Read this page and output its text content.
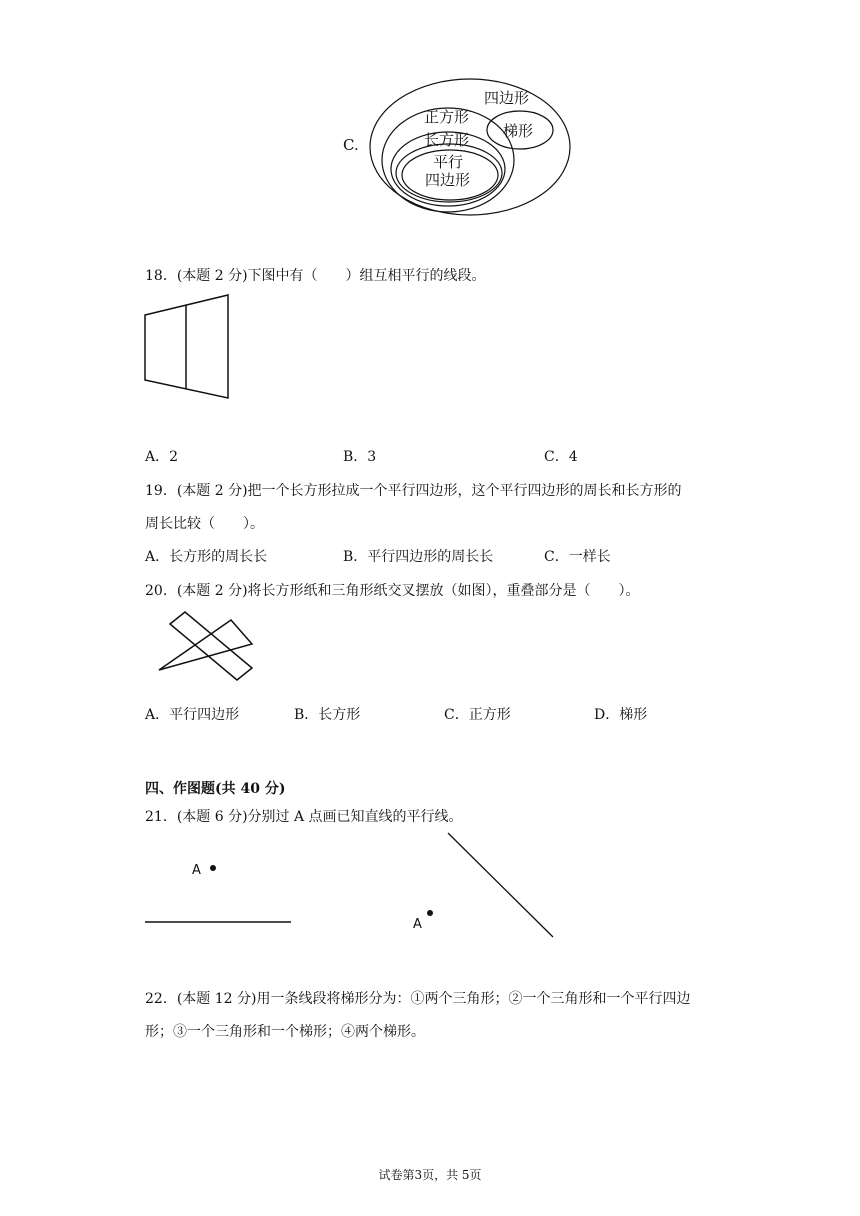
C.
四边形
梯形
正方形
长方形
平行
四边形
18．(本题 2 分)下图中有（　　）组互相平行的线段。
A．2	B．3	C．4
19．(本题 2 分)把一个长方形拉成一个平行四边形，这个平行四边形的周长和长方形的
周长比较（　　）。
A．长方形的周长长	B．平行四边形的周长长	C．一样长
20．(本题 2 分)将长方形纸和三角形纸交叉摆放（如图），重叠部分是（　　）。
A．平行四边形	B．长方形	C．正方形	D．梯形
四、作图题(共 40 分)
21．(本题 6 分)分别过 A 点画已知直线的平行线。
A
A
22．(本题 12 分)用一条线段将梯形分为：①两个三角形；②一个三角形和一个平行四边
形；③一个三角形和一个梯形；④两个梯形。
试卷第3页，共 5页
